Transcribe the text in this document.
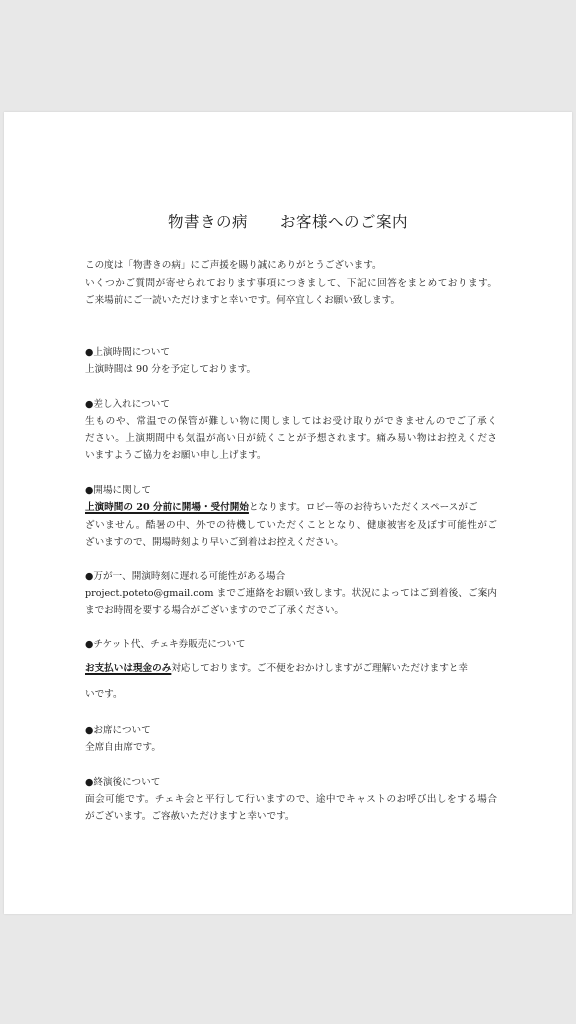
物書きの病　　お客様へのご案内
この度は「物書きの病」にご声援を賜り誠にありがとうございます。
いくつかご質問が寄せられております事項につきまして、下記に回答をまとめております。
ご来場前にご一読いただけますと幸いです。何卒宜しくお願い致します。
●上演時間について
上演時間は 90 分を予定しております。
●差し入れについて
生ものや、常温での保管が難しい物に関しましてはお受け取りができませんのでご了承く
ださい。上演期間中も気温が高い日が続くことが予想されます。痛み易い物はお控えくださ
いますようご協力をお願い申し上げます。
●開場に関して
上演時間の 20 分前に開場・受付開始となります。ロビー等のお待ちいただくスペースがご
ざいません。酷暑の中、外での待機していただくこととなり、健康被害を及ぼす可能性がご
ざいますので、開場時刻より早いご到着はお控えください。
●万が一、開演時刻に遅れる可能性がある場合
project.poteto@gmail.com までご連絡をお願い致します。状況によってはご到着後、ご案内
までお時間を要する場合がございますのでご了承ください。
●チケット代、チェキ券販売について
お支払いは現金のみ対応しております。ご不便をおかけしますがご理解いただけますと幸
いです。
●お席について
全席自由席です。
●終演後について
面会可能です。チェキ会と平行して行いますので、途中でキャストのお呼び出しをする場合
がございます。ご容赦いただけますと幸いです。
